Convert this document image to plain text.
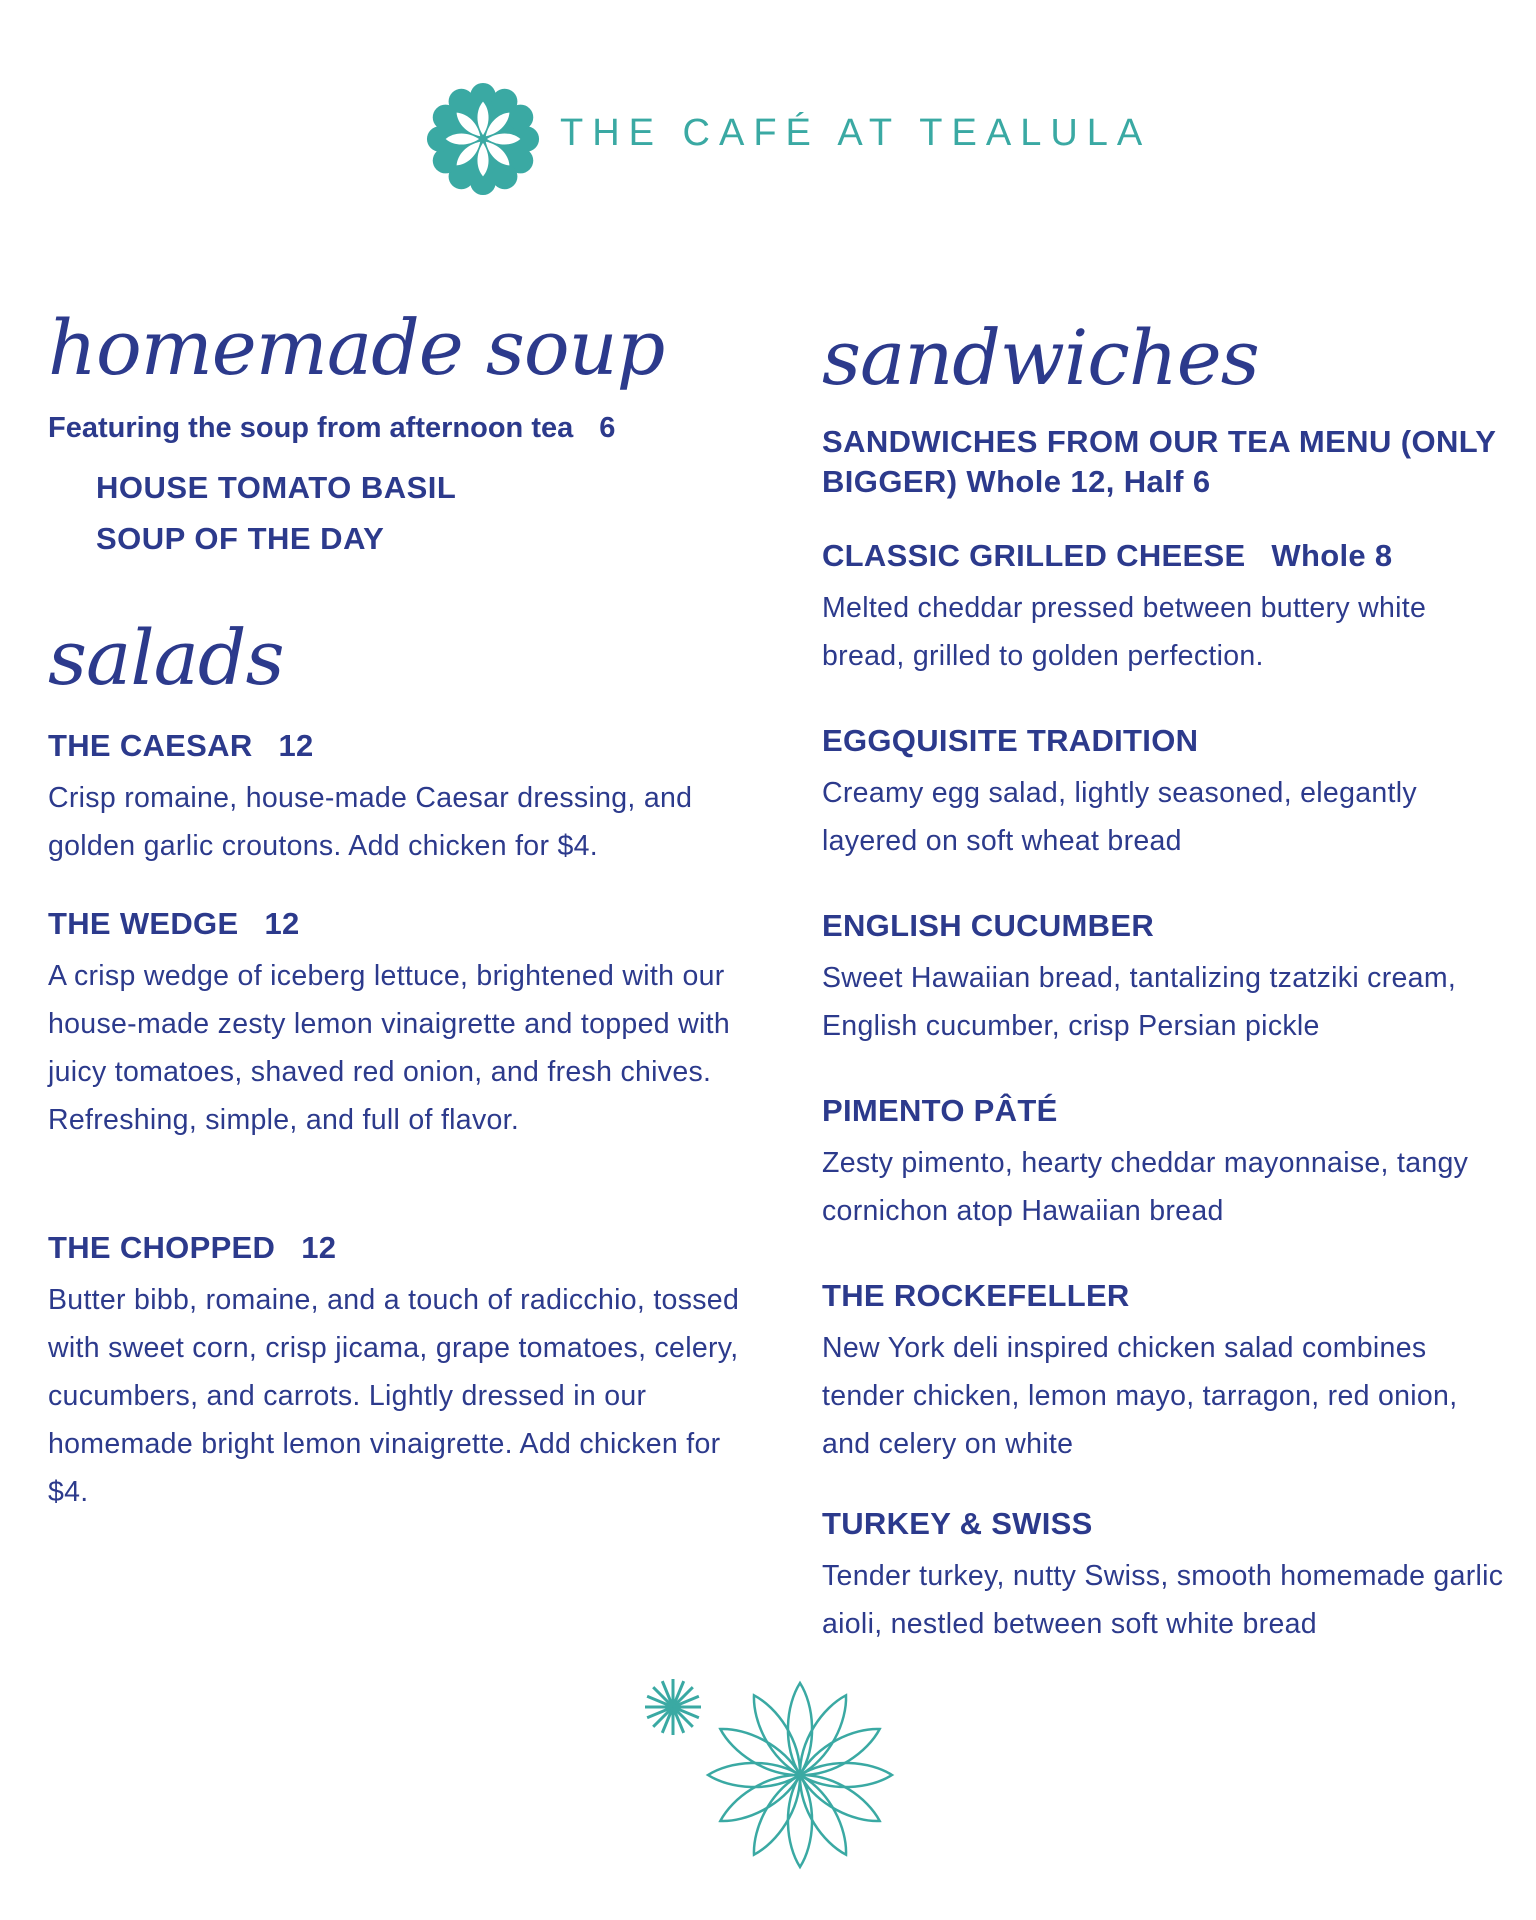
THE CAFÉ AT TEALULA
homemade soup
Featuring the soup from afternoon tea 6
HOUSE TOMATO BASIL
SOUP OF THE DAY
salads
THE CAESAR 12
Crisp romaine, house-made Caesar dressing, and golden garlic croutons. Add chicken for $4.
THE WEDGE 12
A crisp wedge of iceberg lettuce, brightened with our house-made zesty lemon vinaigrette and topped with juicy tomatoes, shaved red onion, and fresh chives. Refreshing, simple, and full of flavor.
THE CHOPPED 12
Butter bibb, romaine, and a touch of radicchio, tossed with sweet corn, crisp jicama, grape tomatoes, celery, cucumbers, and carrots. Lightly dressed in our homemade bright lemon vinaigrette. Add chicken for $4.
sandwiches
SANDWICHES FROM OUR TEA MENU (ONLY BIGGER) Whole 12, Half 6
CLASSIC GRILLED CHEESE Whole 8
Melted cheddar pressed between buttery white bread, grilled to golden perfection.
EGGQUISITE TRADITION
Creamy egg salad, lightly seasoned, elegantly layered on soft wheat bread
ENGLISH CUCUMBER
Sweet Hawaiian bread, tantalizing tzatziki cream, English cucumber, crisp Persian pickle
PIMENTO PÂTÉ
Zesty pimento, hearty cheddar mayonnaise, tangy cornichon atop Hawaiian bread
THE ROCKEFELLER
New York deli inspired chicken salad combines tender chicken, lemon mayo, tarragon, red onion, and celery on white
TURKEY & SWISS
Tender turkey, nutty Swiss, smooth homemade garlic aioli, nestled between soft white bread
